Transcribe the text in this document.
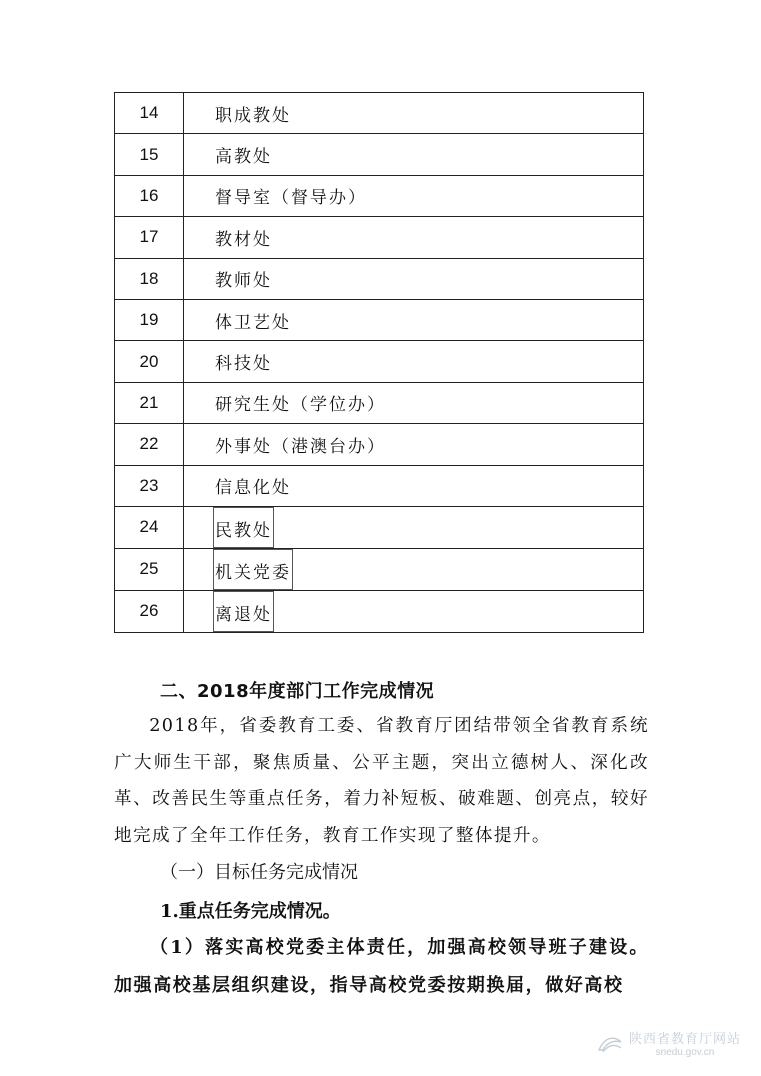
14	职成教处
15	高教处
16	督导室（督导办）
17	教材处
18	教师处
19	体卫艺处
20	科技处
21	研究生处（学位办）
22	外事处（港澳台办）
23	信息化处
24	民教处
25	机关党委
26	离退处
二、2018年度部门工作完成情况
2018年，省委教育工委、省教育厅团结带领全省教育系统广大师生干部，聚焦质量、公平主题，突出立德树人、深化改革、改善民生等重点任务，着力补短板、破难题、创亮点，较好地完成了全年工作任务，教育工作实现了整体提升。
（一）目标任务完成情况
1.重点任务完成情况。
（1）落实高校党委主体责任，加强高校领导班子建设。加强高校基层组织建设，指导高校党委按期换届，做好高校
陕西省教育厅网站
snedu.gov.cn
